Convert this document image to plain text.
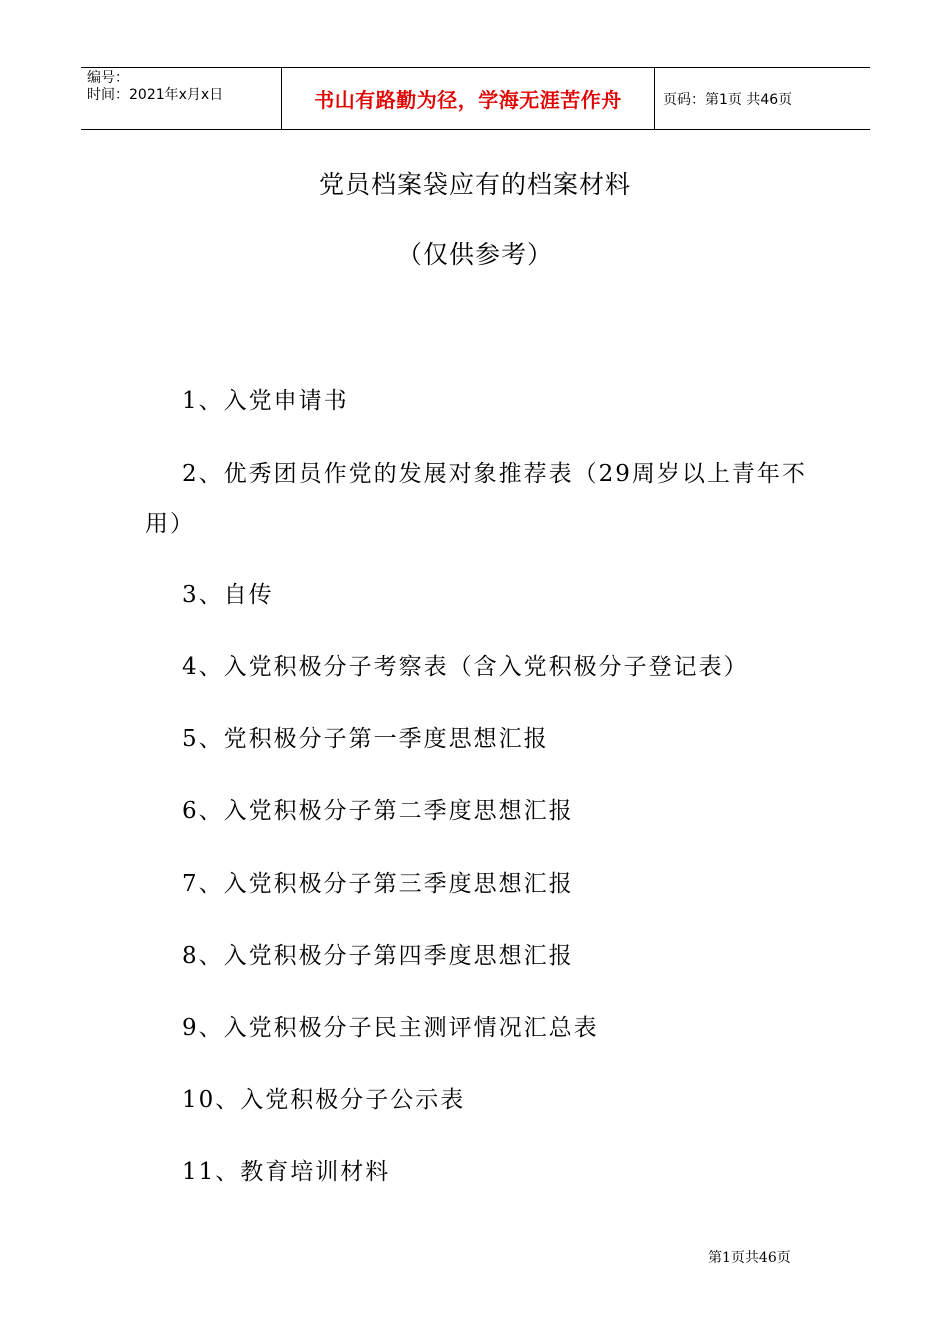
编号：
时间：2021年x月x日	书山有路勤为径，学海无涯苦作舟	页码：第1页 共46页
党员档案袋应有的档案材料
（仅供参考）
1、入党申请书
2、优秀团员作党的发展对象推荐表（29周岁以上青年不
用）
3、自传
4、入党积极分子考察表（含入党积极分子登记表）
5、党积极分子第一季度思想汇报
6、入党积极分子第二季度思想汇报
7、入党积极分子第三季度思想汇报
8、入党积极分子第四季度思想汇报
9、入党积极分子民主测评情况汇总表
10、入党积极分子公示表
11、教育培训材料
第1页共46页
